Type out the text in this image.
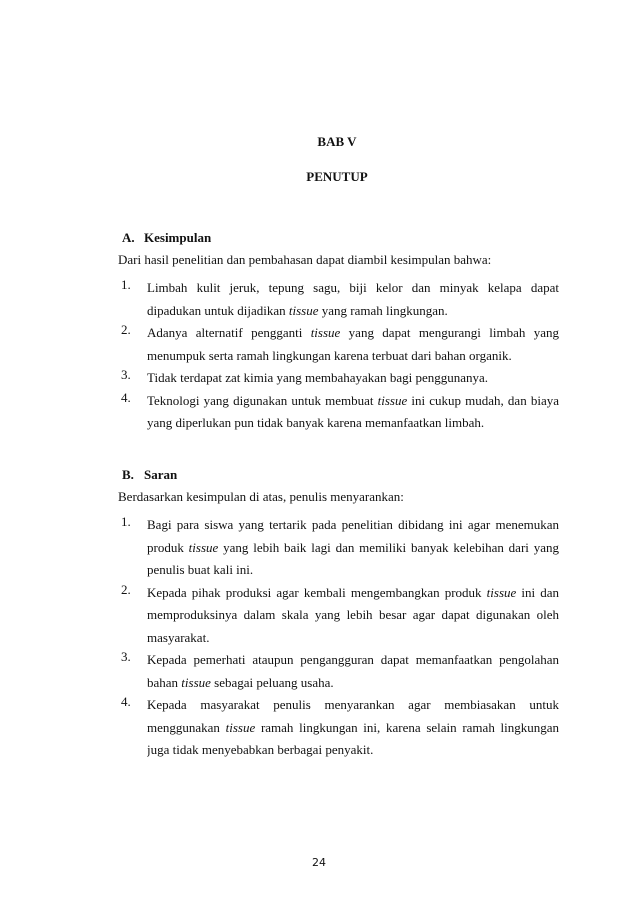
BAB V
PENUTUP
A. Kesimpulan
Dari hasil penelitian dan pembahasan dapat diambil kesimpulan bahwa:
1. Limbah kulit jeruk, tepung sagu, biji kelor dan minyak kelapa dapat
dipadukan untuk dijadikan tissue yang ramah lingkungan.
2. Adanya alternatif pengganti tissue yang dapat mengurangi limbah yang
menumpuk serta ramah lingkungan karena terbuat dari bahan organik.
3. Tidak terdapat zat kimia yang membahayakan bagi penggunanya.
4. Teknologi yang digunakan untuk membuat tissue ini cukup mudah, dan biaya
yang diperlukan pun tidak banyak karena memanfaatkan limbah.
B. Saran
Berdasarkan kesimpulan di atas, penulis menyarankan:
1. Bagi para siswa yang tertarik pada penelitian dibidang ini agar menemukan
produk tissue yang lebih baik lagi dan memiliki banyak kelebihan dari yang
penulis buat kali ini.
2. Kepada pihak produksi agar kembali mengembangkan produk tissue ini dan
memproduksinya dalam skala yang lebih besar agar dapat digunakan oleh
masyarakat.
3. Kepada pemerhati ataupun pengangguran dapat memanfaatkan pengolahan
bahan tissue sebagai peluang usaha.
4. Kepada masyarakat penulis menyarankan agar membiasakan untuk
menggunakan tissue ramah lingkungan ini, karena selain ramah lingkungan
juga tidak menyebabkan berbagai penyakit.
24
